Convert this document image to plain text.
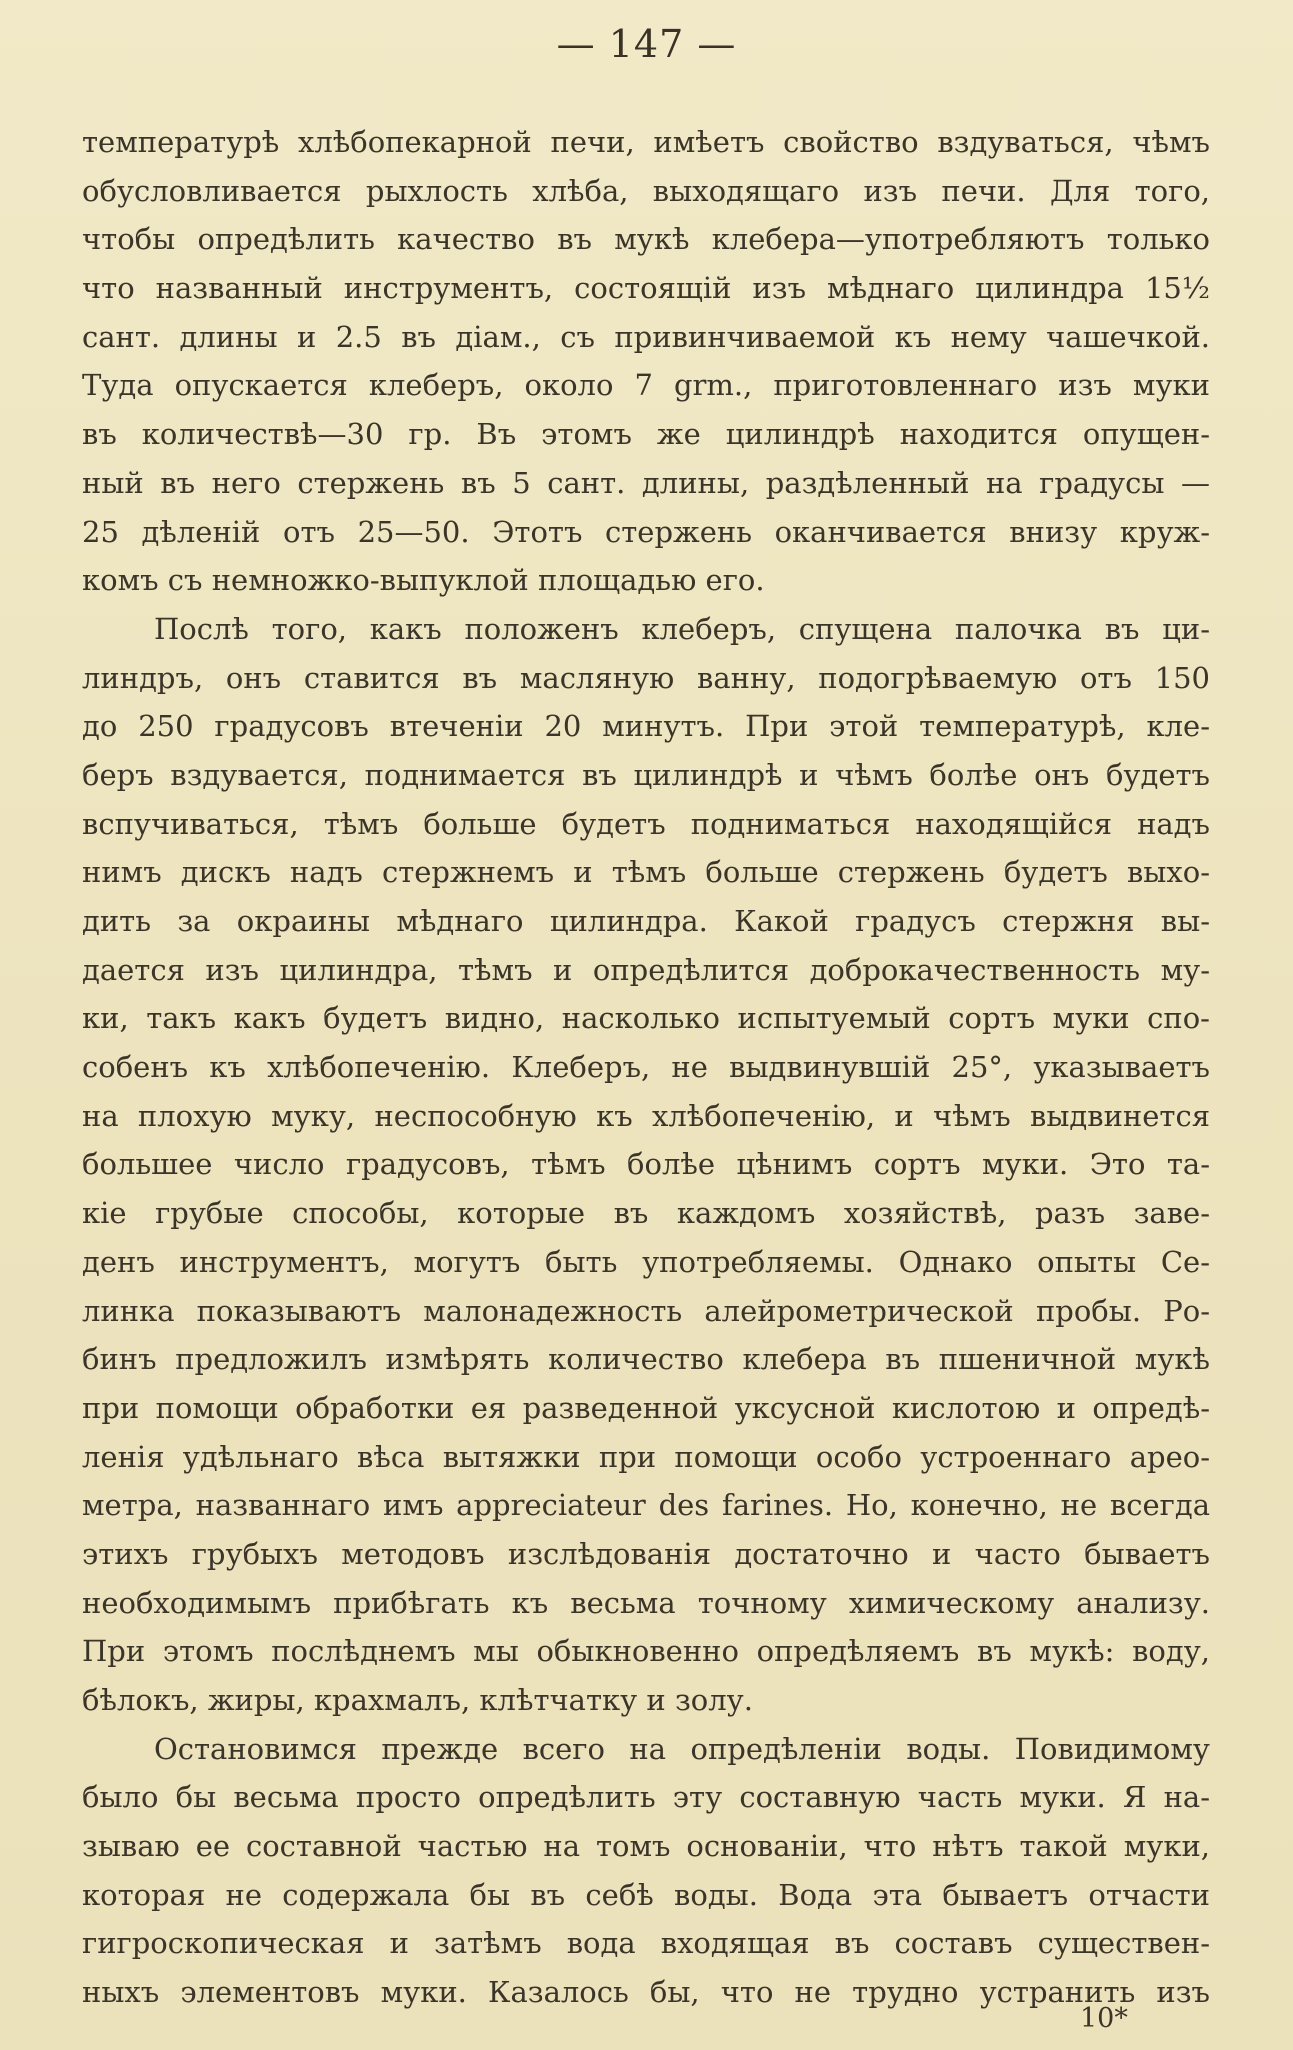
— 147 —
температурѣ хлѣбопекарной печи, имѣетъ свойство вздуваться, чѣмъ
обусловливается рыхлость хлѣба, выходящаго изъ печи. Для того,
чтобы опредѣлить качество въ мукѣ клебера—употребляютъ только
что названный инструментъ, состоящій изъ мѣднаго цилиндра 15½
сант. длины и 2.5 въ діам., съ привинчиваемой къ нему чашечкой.
Туда опускается клеберъ, около 7 grm., приготовленнаго изъ муки
въ количествѣ—30 гр. Въ этомъ же цилиндрѣ находится опущен-
ный въ него стержень въ 5 сант. длины, раздѣленный на градусы —
25 дѣленій отъ 25—50. Этотъ стержень оканчивается внизу круж-
комъ съ немножко-выпуклой площадью его.
Послѣ того, какъ положенъ клеберъ, спущена палочка въ ци-
линдръ, онъ ставится въ масляную ванну, подогрѣваемую отъ 150
до 250 градусовъ втеченіи 20 минутъ. При этой температурѣ, кле-
беръ вздувается, поднимается въ цилиндрѣ и чѣмъ болѣе онъ будетъ
вспучиваться, тѣмъ больше будетъ подниматься находящійся надъ
нимъ дискъ надъ стержнемъ и тѣмъ больше стержень будетъ выхо-
дить за окраины мѣднаго цилиндра. Какой градусъ стержня вы-
дается изъ цилиндра, тѣмъ и опредѣлится доброкачественность му-
ки, такъ какъ будетъ видно, насколько испытуемый сортъ муки спо-
собенъ къ хлѣбопеченію. Клеберъ, не выдвинувшій 25°, указываетъ
на плохую муку, неспособную къ хлѣбопеченію, и чѣмъ выдвинется
большее число градусовъ, тѣмъ болѣе цѣнимъ сортъ муки. Это та-
кіе грубые способы, которые въ каждомъ хозяйствѣ, разъ заве-
денъ инструментъ, могутъ быть употребляемы. Однако опыты Се-
линка показываютъ малонадежность алейрометрической пробы. Ро-
бинъ предложилъ измѣрять количество клебера въ пшеничной мукѣ
при помощи обработки ея разведенной уксусной кислотою и опредѣ-
ленія удѣльнаго вѣса вытяжки при помощи особо устроеннаго арео-
метра, названнаго имъ appreciateur des farines. Но, конечно, не всегда
этихъ грубыхъ методовъ изслѣдованія достаточно и часто бываетъ
необходимымъ прибѣгать къ весьма точному химическому анализу.
При этомъ послѣднемъ мы обыкновенно опредѣляемъ въ мукѣ: воду,
бѣлокъ, жиры, крахмалъ, клѣтчатку и золу.
Остановимся прежде всего на опредѣленіи воды. Повидимому
было бы весьма просто опредѣлить эту составную часть муки. Я на-
зываю ее составной частью на томъ основаніи, что нѣтъ такой муки,
которая не содержала бы въ себѣ воды. Вода эта бываетъ отчасти
гигроскопическая и затѣмъ вода входящая въ составъ существен-
ныхъ элементовъ муки. Казалось бы, что не трудно устранить изъ
10*
